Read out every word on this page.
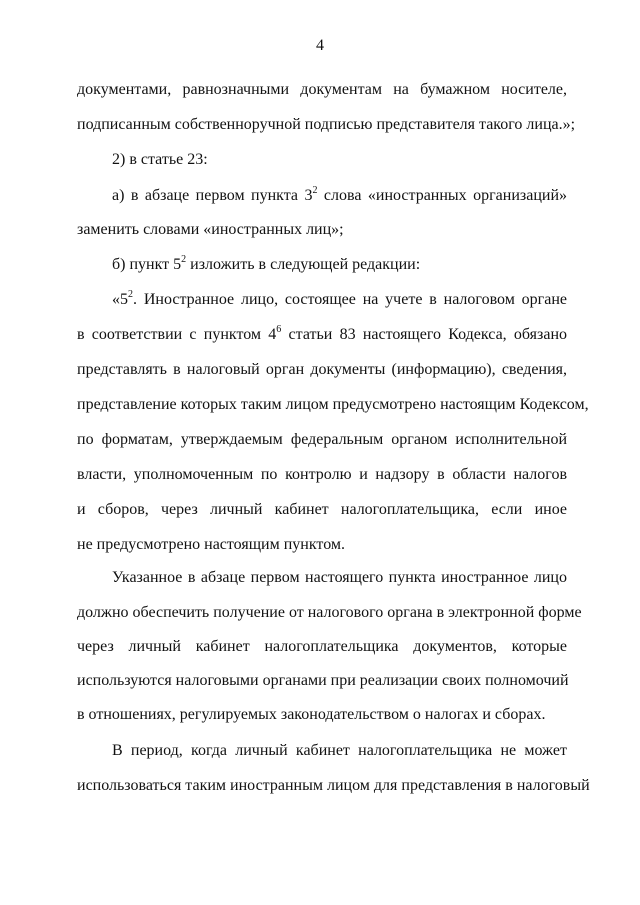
4
документами, равнозначными документам на бумажном носителе,
подписанным собственноручной подписью представителя такого лица.»;
2) в статье 23:
а) в абзаце первом пункта $3^2$ слова «иностранных организаций»
заменить словами «иностранных лиц»;
б) пункт $5^2$ изложить в следующей редакции:
«$5^2$. Иностранное лицо, состоящее на учете в налоговом органе
в соответствии с пунктом $4^6$ статьи 83 настоящего Кодекса, обязано
представлять в налоговый орган документы (информацию), сведения,
представление которых таким лицом предусмотрено настоящим Кодексом,
по форматам, утверждаемым федеральным органом исполнительной
власти, уполномоченным по контролю и надзору в области налогов
и сборов, через личный кабинет налогоплательщика, если иное
не предусмотрено настоящим пунктом.
Указанное в абзаце первом настоящего пункта иностранное лицо
должно обеспечить получение от налогового органа в электронной форме
через личный кабинет налогоплательщика документов, которые
используются налоговыми органами при реализации своих полномочий
в отношениях, регулируемых законодательством о налогах и сборах.
В период, когда личный кабинет налогоплательщика не может
использоваться таким иностранным лицом для представления в налоговый
